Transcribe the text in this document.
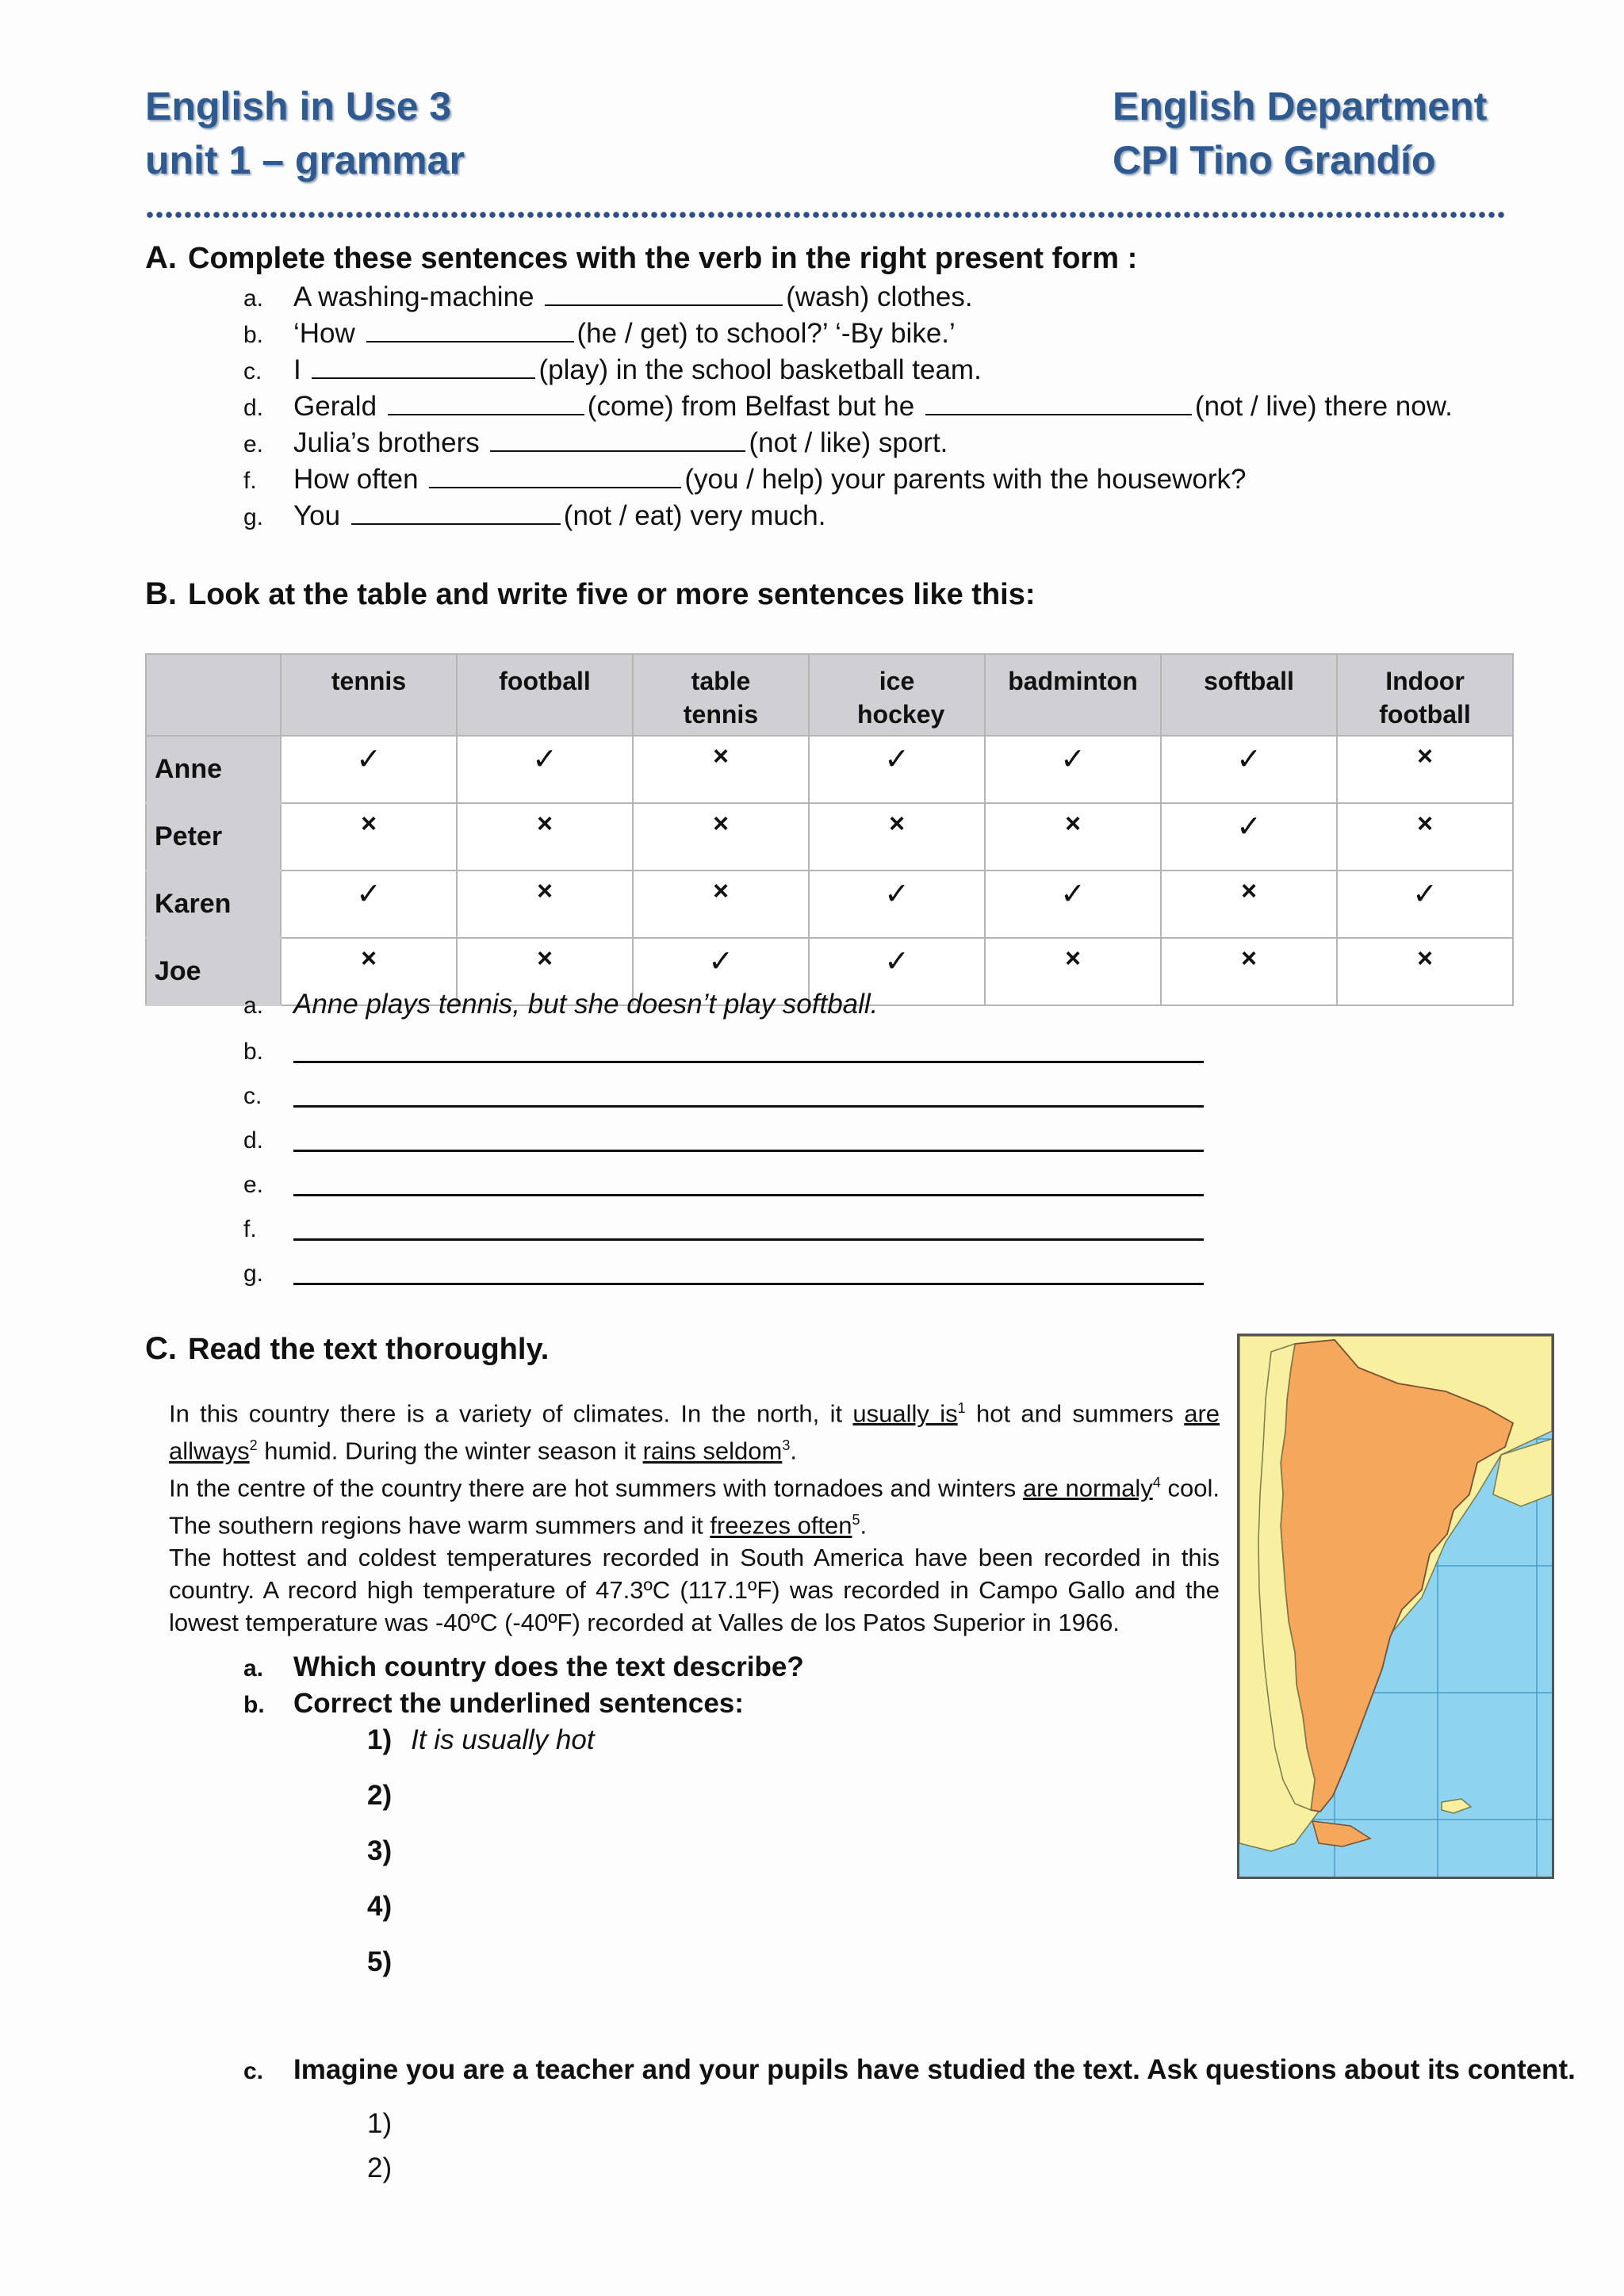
English in Use 3
unit 1 – grammar
English Department
CPI Tino Grandío
A. Complete these sentences with the verb in the right present form :
a. A washing-machine	(wash) clothes.
b. ‘How	(he / get) to school?’ ‘-By bike.’
c. I	(play) in the school basketball team.
d. Gerald	(come) from Belfast but he	(not / live) there now.
e. Julia’s brothers	(not / like) sport.
f. How often	(you / help) your parents with the housework?
g. You	(not / eat) very much.
B. Look at the table and write five or more sentences like this:
	tennis	football	table tennis	ice hockey	badminton	softball	Indoor football
Anne	✓	✓	×	✓	✓	✓	×
Peter	×	×	×	×	×	✓	×
Karen	✓	×	×	✓	✓	×	✓
Joe	×	×	✓	✓	×	×	×
a. Anne plays tennis, but she doesn’t play softball.
b.
c.
d.
e.
f.
g.
C. Read the text thoroughly.
In this country there is a variety of climates. In the north, it usually $is^1$ hot and summers are allways$^2$ humid. During the winter season it rains seldom$^3$.
In the centre of the country there are hot summers with tornadoes and winters are normaly$^4$ cool. The southern regions have warm summers and it freezes often$^5$.
The hottest and coldest temperatures recorded in South America have been recorded in this country. A record high temperature of 47.3ºC (117.1ºF) was recorded in Campo Gallo and the lowest temperature was -40ºC (-40ºF) recorded at Valles de los Patos Superior in 1966.
a. Which country does the text describe?
b. Correct the underlined sentences:
1) It is usually hot
2)
3)
4)
5)
c. Imagine you are a teacher and your pupils have studied the text. Ask questions about its content.
1)
2)
